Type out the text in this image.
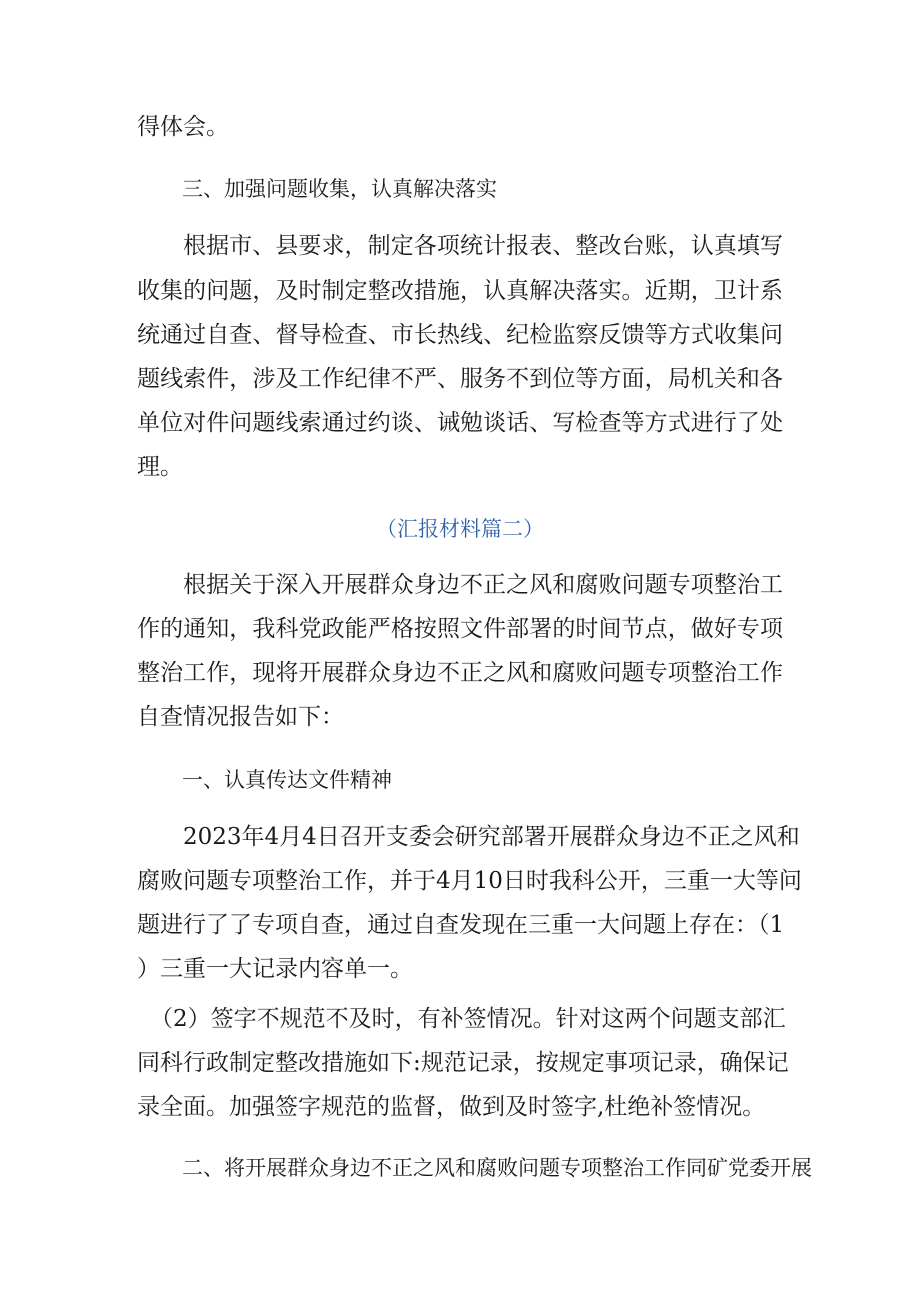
得体会。
三、加强问题收集，认真解决落实
根据市、县要求，制定各项统计报表、整改台账，认真填写
收集的问题，及时制定整改措施，认真解决落实。近期，卫计系
统通过自查、督导检查、市长热线、纪检监察反馈等方式收集问
题线索件，涉及工作纪律不严、服务不到位等方面，局机关和各
单位对件问题线索通过约谈、诫勉谈话、写检查等方式进行了处
理。
（汇报材料篇二）
根据关于深入开展群众身边不正之风和腐败问题专项整治工
作的通知，我科党政能严格按照文件部署的时间节点，做好专项
整治工作，现将开展群众身边不正之风和腐败问题专项整治工作
自查情况报告如下：
一、认真传达文件精神
2023年4月4日召开支委会研究部署开展群众身边不正之风和
腐败问题专项整治工作，并于4月10日时我科公开，三重一大等问
题进行了了专项自查，通过自查发现在三重一大问题上存在：（1
）三重一大记录内容单一。
（2）签字不规范不及时，有补签情况。针对这两个问题支部汇
同科行政制定整改措施如下:规范记录，按规定事项记录，确保记
录全面。加强签字规范的监督，做到及时签字,杜绝补签情况。
二、将开展群众身边不正之风和腐败问题专项整治工作同矿党委开展
